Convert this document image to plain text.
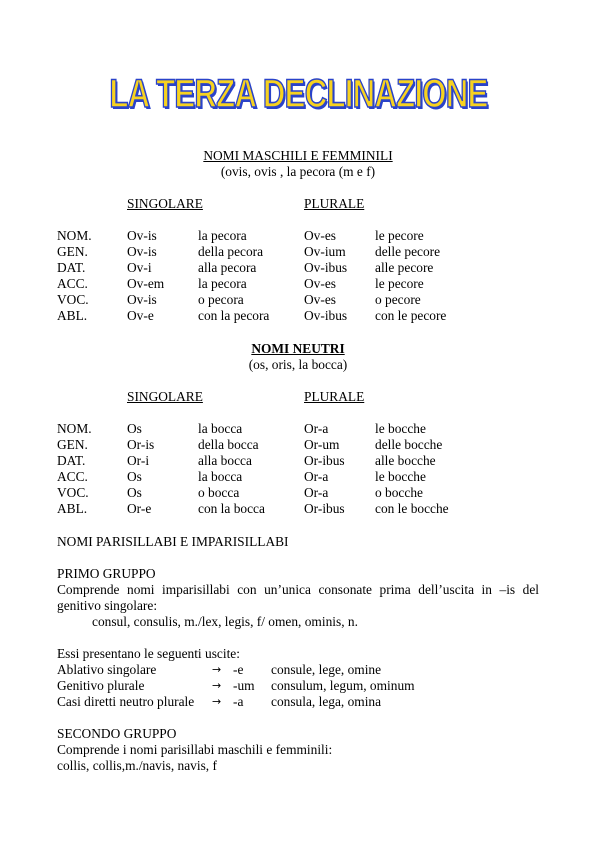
LA TERZA DECLINAZIONE
NOMI MASCHILI E FEMMINILI
(ovis, ovis , la pecora (m e f)
SINGOLARE	PLURALE
NOM.	Ov-is	la pecora	Ov-es	le pecore
GEN.	Ov-is	della pecora	Ov-ium delle pecore
DAT.	Ov-i	alla pecora	Ov-ibus alle pecore
ACC.	Ov-em	la pecora	Ov-es	le pecore
VOC.	Ov-is	o pecora	Ov-es	o pecore
ABL.	Ov-e	con la pecora	Ov-ibus con le pecore
NOMI NEUTRI
(os, oris, la bocca)
SINGOLARE	PLURALE
NOM.	Os	la bocca	Or-a	le bocche
GEN.	Or-is	della bocca	Or-um	delle bocche
DAT.	Or-i	alla bocca	Or-ibus alle bocche
ACC.	Os	la bocca	Or-a	le bocche
VOC.	Os	o bocca	Or-a	o bocche
ABL.	Or-e	con la bocca	Or-ibus con le bocche
NOMI PARISILLABI E IMPARISILLABI
PRIMO GRUPPO
Comprende nomi imparisillabi con un’unica consonate prima dell’uscita in –is del genitivo singolare:
consul, consulis, m./lex, legis, f/ omen, ominis, n.
Essi presentano le seguenti uscite:
Ablativo singolare	→ -e consule, lege, omine
Genitivo plurale	→ -um consulum, legum, ominum
Casi diretti neutro plurale → -a consula, lega, omina
SECONDO GRUPPO
Comprende i nomi parisillabi maschili e femminili:
collis, collis,m./navis, navis, f
